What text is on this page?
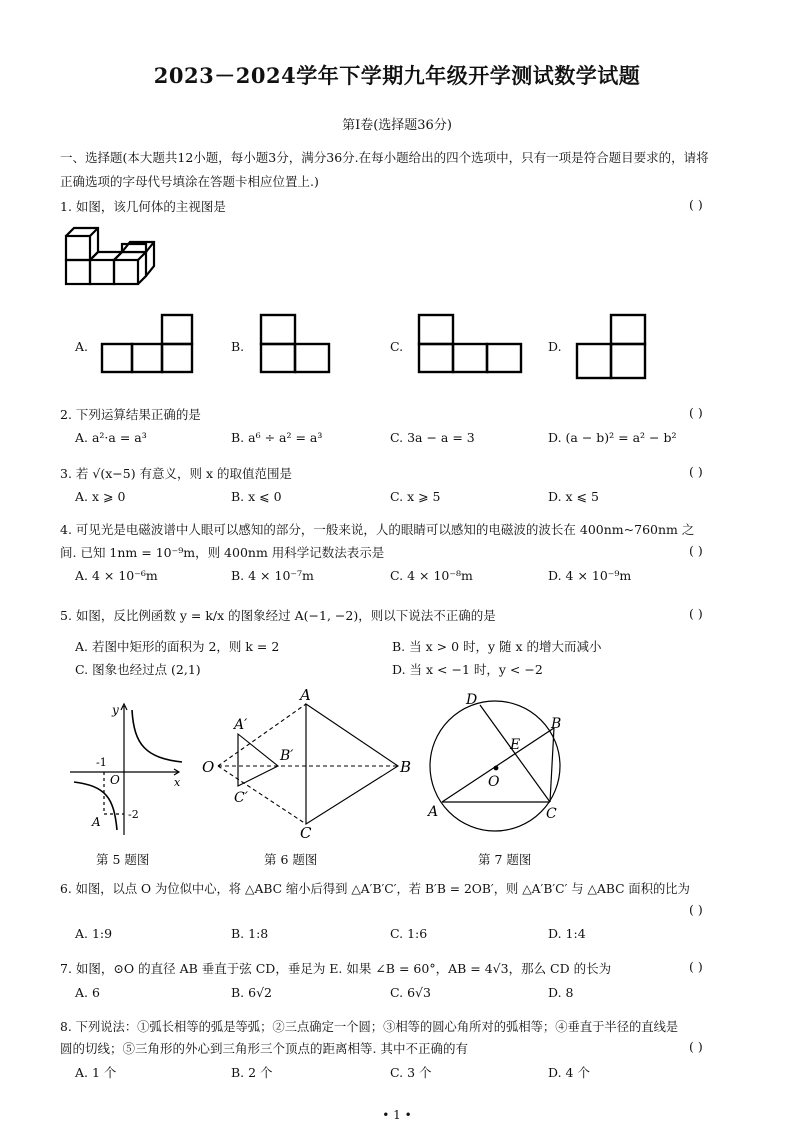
2023－2024学年下学期九年级开学测试数学试题
第Ⅰ卷(选择题36分)
一、选择题(本大题共12小题，每小题3分，满分36分.在每小题给出的四个选项中，只有一项是符合题目要求的，请将
正确选项的字母代号填涂在答题卡相应位置上.)
1. 如图，该几何体的主视图是	( )
A.	B.	C.	D.
2. 下列运算结果正确的是	( )
A. a²·a = a³	B. a⁶ ÷ a² = a³	C. 3a − a = 3	D. (a − b)² = a² − b²
3. 若 √(x−5) 有意义，则 x 的取值范围是	( )
A. x ⩾ 0	B. x ⩽ 0	C. x ⩾ 5	D. x ⩽ 5
4. 可见光是电磁波谱中人眼可以感知的部分，一般来说，人的眼睛可以感知的电磁波的波长在 400nm~760nm 之
间. 已知 1nm = 10⁻⁹m，则 400nm 用科学记数法表示是	( )
A. 4 × 10⁻⁶m	B. 4 × 10⁻⁷m	C. 4 × 10⁻⁸m	D. 4 × 10⁻⁹m
5. 如图，反比例函数 y = k/x 的图象经过 A(−1, −2)，则以下说法不正确的是	( )
A. 若图中矩形的面积为 2，则 k = 2	B. 当 x > 0 时，y 随 x 的增大而减小
C. 图象也经过点 (2,1)	D. 当 x < −1 时，y < −2
y
x
O
-1
-2
A
O
A′
B′
C′
A
B
C
D
B
E
O
A	C
第 5 题图	第 6 题图	第 7 题图
6. 如图，以点 O 为位似中心，将 △ABC 缩小后得到 △A′B′C′，若 B′B = 2OB′，则 △A′B′C′ 与 △ABC 面积的比为
( )
A. 1:9	B. 1:8	C. 1:6	D. 1:4
7. 如图，⊙O 的直径 AB 垂直于弦 CD，垂足为 E. 如果 ∠B = 60°，AB = 4√3，那么 CD 的长为	( )
A. 6	B. 6√2	C. 6√3	D. 8
8. 下列说法：①弧长相等的弧是等弧；②三点确定一个圆；③相等的圆心角所对的弧相等；④垂直于半径的直线是
圆的切线；⑤三角形的外心到三角形三个顶点的距离相等. 其中不正确的有	( )
A. 1 个	B. 2 个	C. 3 个	D. 4 个
• 1 •
